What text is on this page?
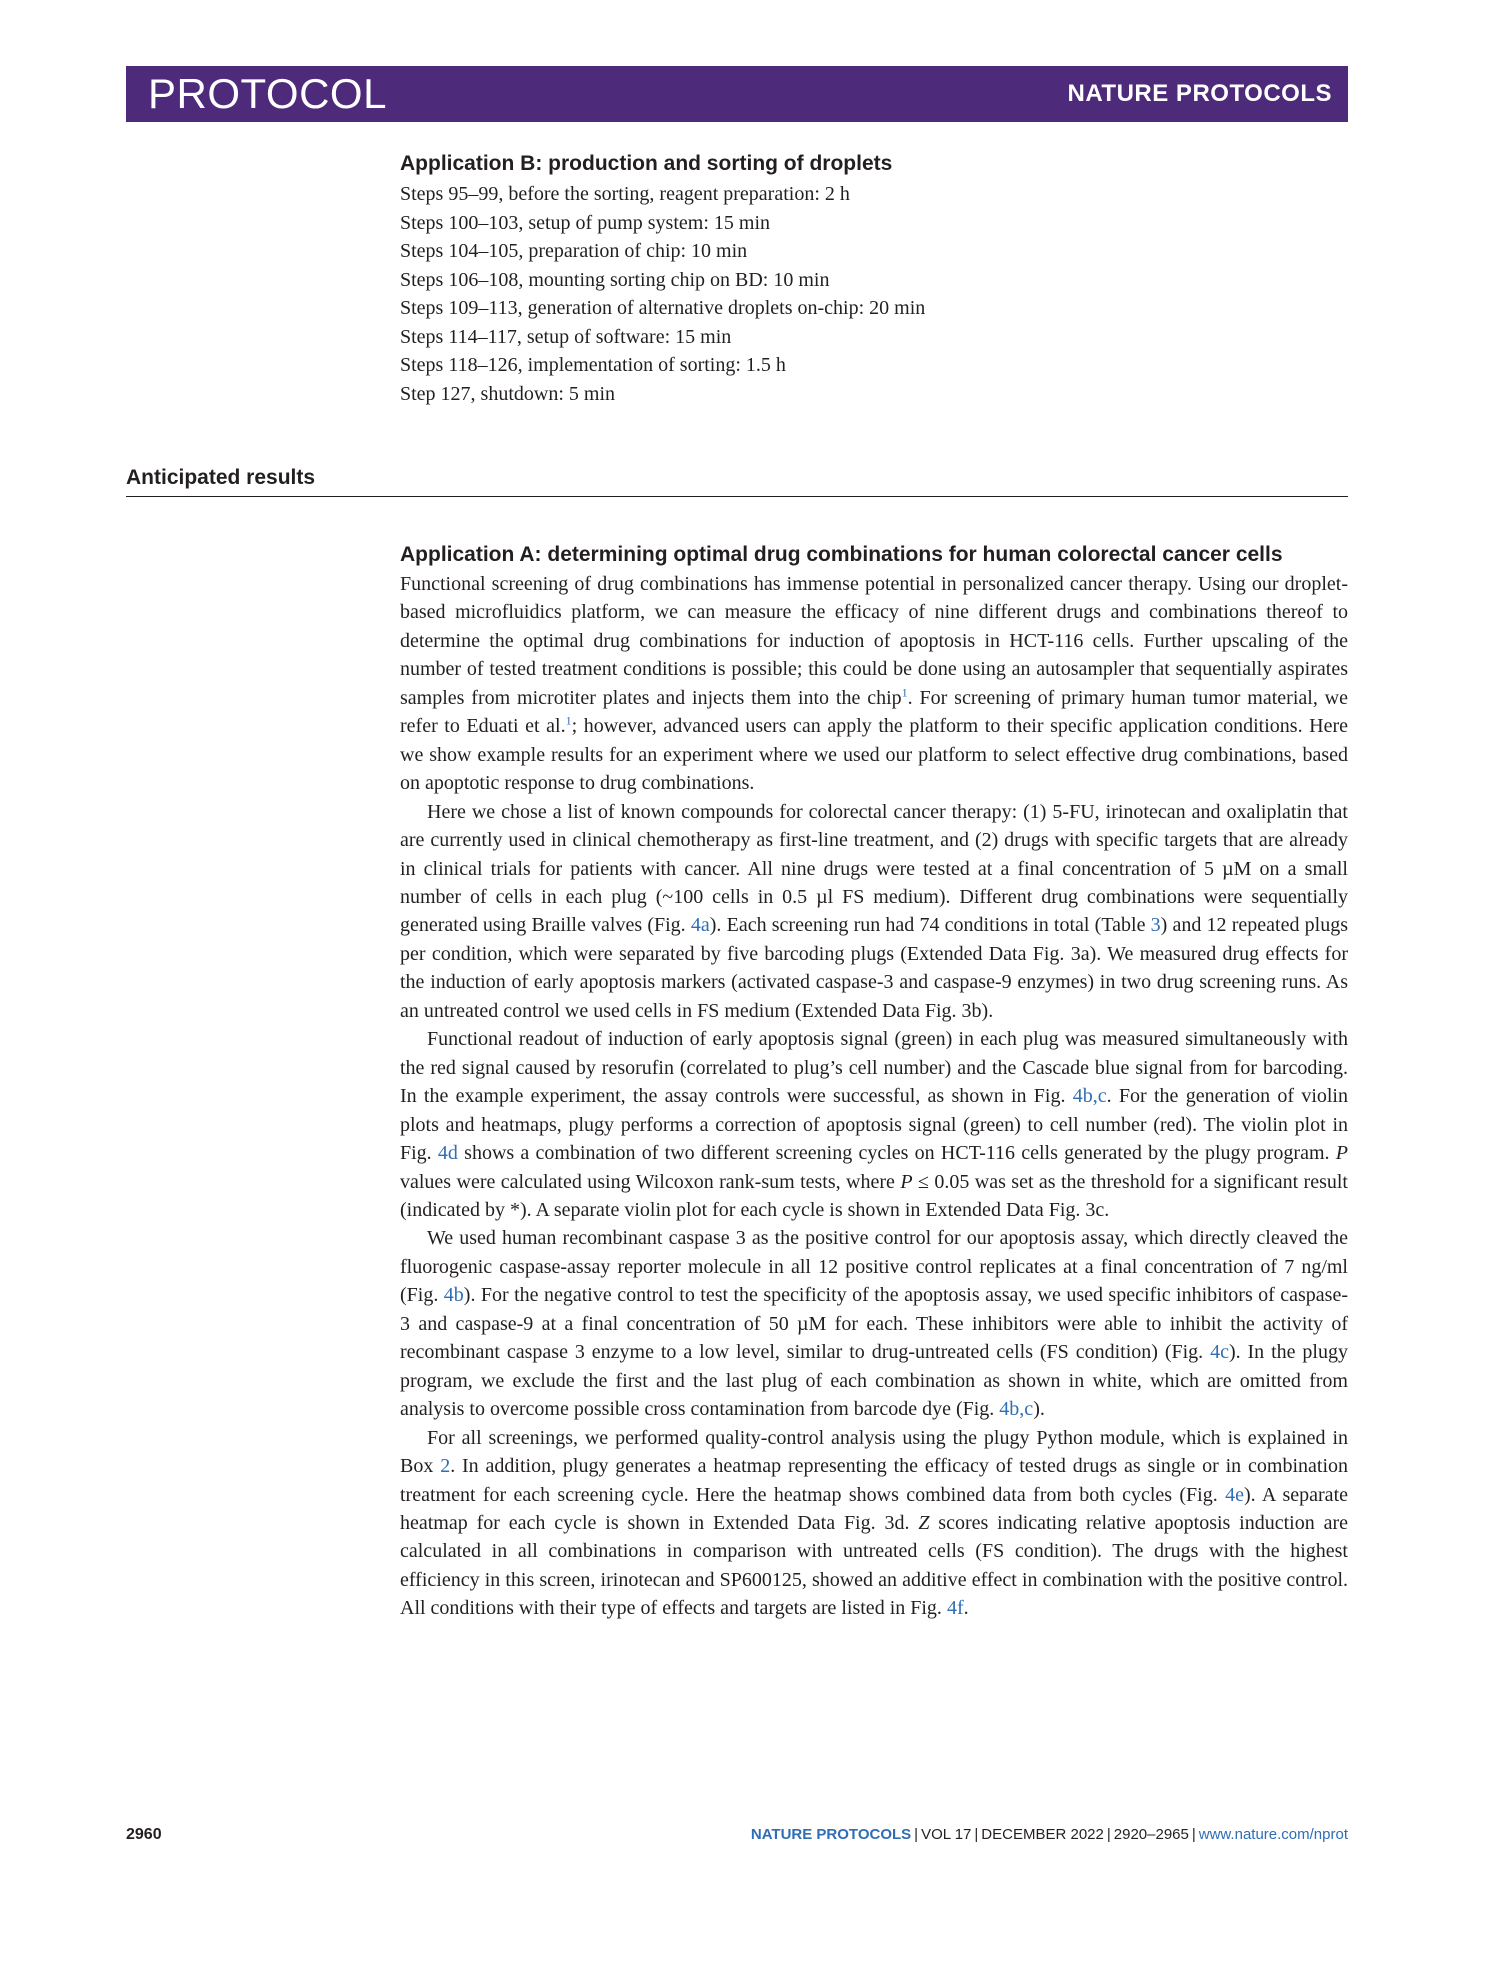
PROTOCOL	NATURE PROTOCOLS
Application B: production and sorting of droplets
Steps 95–99, before the sorting, reagent preparation: 2 h
Steps 100–103, setup of pump system: 15 min
Steps 104–105, preparation of chip: 10 min
Steps 106–108, mounting sorting chip on BD: 10 min
Steps 109–113, generation of alternative droplets on-chip: 20 min
Steps 114–117, setup of software: 15 min
Steps 118–126, implementation of sorting: 1.5 h
Step 127, shutdown: 5 min
Anticipated results
Application A: determining optimal drug combinations for human colorectal cancer cells

Functional screening of drug combinations has immense potential in personalized cancer therapy. Using our droplet-based microfluidics platform, we can measure the efficacy of nine different drugs and combinations thereof to determine the optimal drug combinations for induction of apoptosis in HCT-116 cells. Further upscaling of the number of tested treatment conditions is possible; this could be done using an autosampler that sequentially aspirates samples from microtiter plates and injects them into the chip$^1$. For screening of primary human tumor material, we refer to Eduati et al.$^1$; however, advanced users can apply the platform to their specific application conditions. Here we show example results for an experiment where we used our platform to select effective drug combinations, based on apoptotic response to drug combinations.

Here we chose a list of known compounds for colorectal cancer therapy: (1) 5-FU, irinotecan and oxaliplatin that are currently used in clinical chemotherapy as first-line treatment, and (2) drugs with specific targets that are already in clinical trials for patients with cancer. All nine drugs were tested at a final concentration of 5 µM on a small number of cells in each plug (~100 cells in 0.5 µl FS medium). Different drug combinations were sequentially generated using Braille valves (Fig. 4a). Each screening run had 74 conditions in total (Table 3) and 12 repeated plugs per condition, which were separated by five barcoding plugs (Extended Data Fig. 3a). We measured drug effects for the induction of early apoptosis markers (activated caspase-3 and caspase-9 enzymes) in two drug screening runs. As an untreated control we used cells in FS medium (Extended Data Fig. 3b).

Functional readout of induction of early apoptosis signal (green) in each plug was measured simultaneously with the red signal caused by resorufin (correlated to plug’s cell number) and the Cascade blue signal from for barcoding. In the example experiment, the assay controls were successful, as shown in Fig. 4b,c. For the generation of violin plots and heatmaps, plugy performs a correction of apoptosis signal (green) to cell number (red). The violin plot in Fig. 4d shows a combination of two different screening cycles on HCT-116 cells generated by the plugy program. P values were calculated using Wilcoxon rank-sum tests, where P ≤ 0.05 was set as the threshold for a significant result (indicated by *). A separate violin plot for each cycle is shown in Extended Data Fig. 3c.

We used human recombinant caspase 3 as the positive control for our apoptosis assay, which directly cleaved the fluorogenic caspase-assay reporter molecule in all 12 positive control replicates at a final concentration of 7 ng/ml (Fig. 4b). For the negative control to test the specificity of the apoptosis assay, we used specific inhibitors of caspase-3 and caspase-9 at a final concentration of 50 µM for each. These inhibitors were able to inhibit the activity of recombinant caspase 3 enzyme to a low level, similar to drug-untreated cells (FS condition) (Fig. 4c). In the plugy program, we exclude the first and the last plug of each combination as shown in white, which are omitted from analysis to overcome possible cross contamination from barcode dye (Fig. 4b,c).

For all screenings, we performed quality-control analysis using the plugy Python module, which is explained in Box 2. In addition, plugy generates a heatmap representing the efficacy of tested drugs as single or in combination treatment for each screening cycle. Here the heatmap shows combined data from both cycles (Fig. 4e). A separate heatmap for each cycle is shown in Extended Data Fig. 3d. Z scores indicating relative apoptosis induction are calculated in all combinations in comparison with untreated cells (FS condition). The drugs with the highest efficiency in this screen, irinotecan and SP600125, showed an additive effect in combination with the positive control. All conditions with their type of effects and targets are listed in Fig. 4f.

2960	NATURE PROTOCOLS | VOL 17 | DECEMBER 2022 | 2920–2965 | www.nature.com/nprot
